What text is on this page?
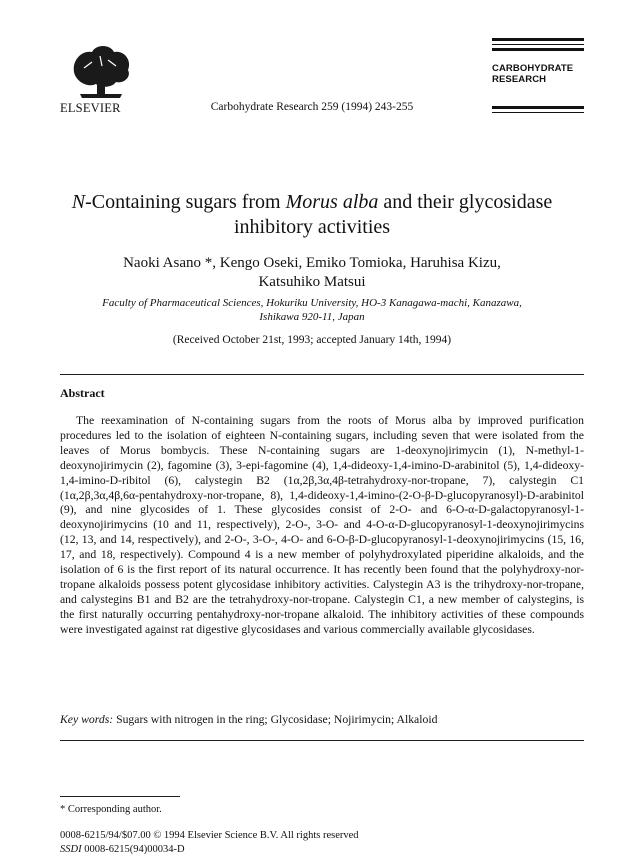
ELSEVIER	Carbohydrate Research 259 (1994) 243-255
CARBOHYDRATE
RESEARCH
N-Containing sugars from Morus alba and their glycosidase inhibitory activities
Naoki Asano *, Kengo Oseki, Emiko Tomioka, Haruhisa Kizu,
Katsuhiko Matsui
Faculty of Pharmaceutical Sciences, Hokuriku University, HO-3 Kanagawa-machi, Kanazawa,
Ishikawa 920-11, Japan
(Received October 21st, 1993; accepted January 14th, 1994)
Abstract

The reexamination of N-containing sugars from the roots of Morus alba by improved purification procedures led to the isolation of eighteen N-containing sugars, including seven that were isolated from the leaves of Morus bombycis. These N-containing sugars are 1-deoxynojirimycin (1), N-methyl-1-deoxynojirimycin (2), fagomine (3), 3-epi-fagomine (4), 1,4-dideoxy-1,4-imino-D-arabinitol (5), 1,4-dideoxy-1,4-imino-D-ribitol (6), calystegin B2 (1α,2β,3α,4β-tetrahydroxy-nor-tropane, 7), calystegin C1 (1α,2β,3α,4β,6α-pentahydroxy-nor-tropane, 8), 1,4-dideoxy-1,4-imino-(2-O-β-D-glucopyranosyl)-D-arabinitol (9), and nine glycosides of 1. These glycosides consist of 2-O- and 6-O-α-D-galactopyranosyl-1-deoxynojirimycins (10 and 11, respectively), 2-O-, 3-O- and 4-O-α-D-glucopyranosyl-1-deoxynojirimycins (12, 13, and 14, respectively), and 2-O-, 3-O-, 4-O- and 6-O-β-D-glucopyranosyl-1-deoxynojirimycins (15, 16, 17, and 18, respectively). Compound 4 is a new member of polyhydroxylated piperidine alkaloids, and the isolation of 6 is the first report of its natural occurrence. It has recently been found that the polyhydroxy-nor-tropane alkaloids possess potent glycosidase inhibitory activities. Calystegin A3 is the trihydroxy-nor-tropane, and calystegins B1 and B2 are the tetrahydroxy-nor-tropane. Calystegin C1, a new member of calystegins, is the first naturally occurring pentahydroxy-nor-tropane alkaloid. The inhibitory activities of these compounds were investigated against rat digestive glycosidases and various commercially available glycosidases.

Key words: Sugars with nitrogen in the ring; Glycosidase; Nojirimycin; Alkaloid
* Corresponding author.
0008-6215/94/$07.00 © 1994 Elsevier Science B.V. All rights reserved
SSDI 0008-6215(94)00034-D
